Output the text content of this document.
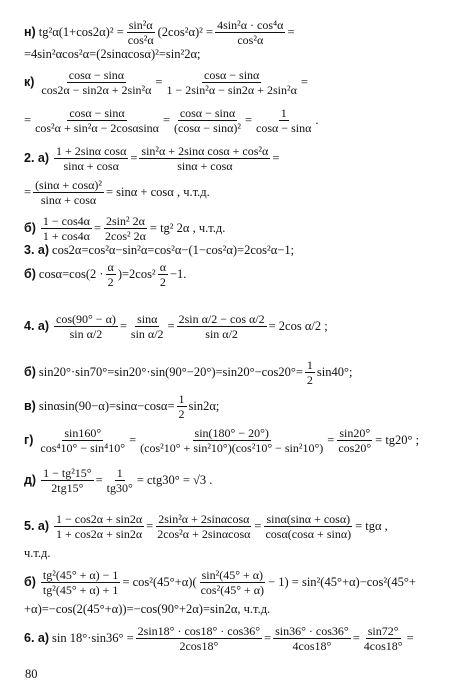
н) $tg^2\alpha(1+\cos 2\alpha)^2 = \frac{\text{sin²α}}{\text{cos²α}} (2\cos^2\alpha)^2 = \frac{\text{4sin²α · cos⁴α}}{\text{cos²α}}$ =
=4sin²αcos²α=(2sinαcosα)²=sin²2α;
$к) \frac{\cos\alpha - \sin\alpha}{\text{cos2α − sin2α + 2sin²α}} = \frac{\cos\alpha - \sin\alpha}{\text{1 − 2sin²α − sin2α + 2sin²α}}$ =
= $\frac{\cos\alpha - \sin\alpha}{\text{cos²α + sin²α − 2cosαsinα}} = \frac{\cos\alpha - \sin\alpha}{\text{(cosα − sinα)²}} = \frac{1}{\cos\alpha - \sin\alpha}$ .
2. $а) \frac{\text{1 + 2sinα cosα}}{\sin\alpha + \cos\alpha} = \frac{\text{sin²α + 2sinα cosα + cos²α}}{\sin\alpha + \cos\alpha}$ =
= $\frac{\text{(sinα + cosα)²}}{\sin\alpha + \cos\alpha} = \sin\alpha + \cos\alpha$ , ч.т.д.
$б) \frac{1 - \cos 4\alpha}{1 + \cos 4\alpha} = \frac{\text{2sin² 2α}}{\text{2cos² 2α}} = tg^2$ 2α , ч.т.д.
3. а) cos2α=cos²α−sin²α=cos²α−(1−cos²α)=2cos²α−1;
б) $\cos\alpha=\cos(2 \cdot \frac{\alpha}{2} )=2\cos^2 \frac{\alpha}{2} -1$.
4. $а) \frac{\cos(90^\circ - \alpha)}{\text{sin α/2}} = \frac{\sin\alpha}{\text{sin α/2}} = \frac{\text{2sin α/2 − cos α/2}}{\text{sin α/2}} = 2\cos$ α/2 ;
б) $\sin 20^\circ\cdot\sin 70^\circ=\sin 20^\circ\cdot\sin(90^\circ-20^\circ)=\sin 20^\circ-\cos 20^\circ= \frac{1}{2} \sin 40^\circ$;
в) $\sin\alpha\sin(90-\alpha)=\sin\alpha-\cos\alpha= \frac{1}{2} \sin 2\alpha$;
$г) \frac{\sin 160^\circ}{\text{cos⁴10° − sin⁴10°}} = \frac{\sin(180^\circ - 20^\circ)}{\text{(cos²10° + sin²10°)(cos²10° − sin²10°)}} = \frac{\sin 20^\circ}{\cos 20^\circ} = tg20^\circ$ ;
$д) \frac{\text{1 − tg²15°}}{2tg15^\circ} = \frac{1}{tg30^\circ} = ctg30^\circ = √3$ .
5. $а) \frac{1 - \cos 2\alpha + \sin 2\alpha}{1 + \cos 2\alpha + \sin 2\alpha} = \frac{\text{2sin²α + 2sinαcosα}}{\text{2cos²α + 2sinαcosα}} = \frac{\sin\alpha(\sin\alpha + \cos\alpha)}{\cos\alpha(\cos\alpha + \sin\alpha)} = tg\alpha$ ,
ч.т.д.
$б) \frac{\text{tg²(45° + α) − 1}}{\text{tg²(45° + α) + 1}} = \cos^2(45^\circ+\alpha)( \frac{\text{sin²(45° + α)}}{\text{cos²(45° + α)}} - 1) = \sin^2(45^\circ+\alpha)-\cos^2(45^\circ+$
+α)=−cos(2(45°+α))=−cos(90°+2α)=sin2α, ч.т.д.
6. а) $\sin 18^\circ\cdot\sin 36^\circ = \frac{2\sin 18^\circ \cdot \cos 18^\circ \cdot \cos 36^\circ}{2\cos 18^\circ} = \frac{\sin 36^\circ \cdot \cos 36^\circ}{4\cos 18^\circ} = \frac{\sin 72^\circ}{4\cos 18^\circ}$ =
80
